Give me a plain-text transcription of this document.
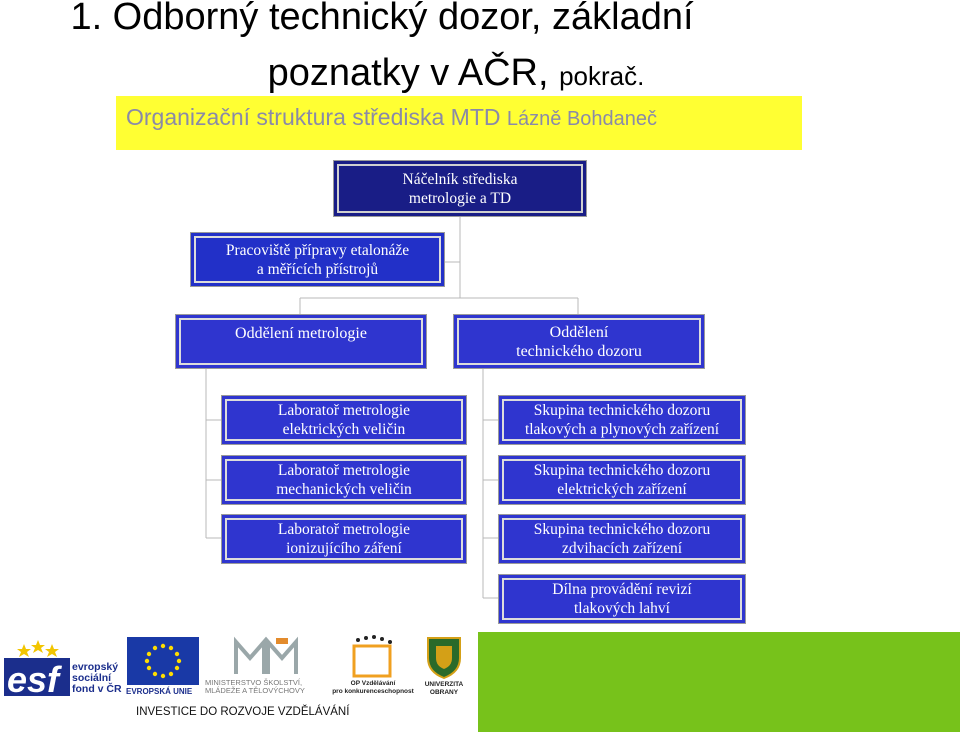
1. Odborný technický dozor, základní
poznatky v AČR, pokrač.
Organizační struktura střediska MTD Lázně Bohdaneč
Náčelník střediska
metrologie a TD
Pracoviště přípravy etalonáže
a měřících přístrojů
Oddělení metrologie	Oddělení
technického dozoru
Laboratoř metrologie
elektrických veličin
Laboratoř metrologie
mechanických veličin
Laboratoř metrologie
ionizujícího záření
Skupina technického dozoru
tlakových a plynových zařízení
Skupina technického dozoru
elektrických zařízení
Skupina technického dozoru
zdvihacích zařízení
Dílna provádění revizí
tlakových lahví
esf evropský
sociální
fond v ČR EVROPSKÁ UNIE
MINISTERSTVO ŠKOLSTVÍ,
MLÁDEŽE A TĚLOVÝCHOVY
OP Vzdělávání
pro konkurenceschopnost
UNIVERZITA
OBRANY
INVESTICE DO ROZVOJE VZDĚLÁVÁNÍ
